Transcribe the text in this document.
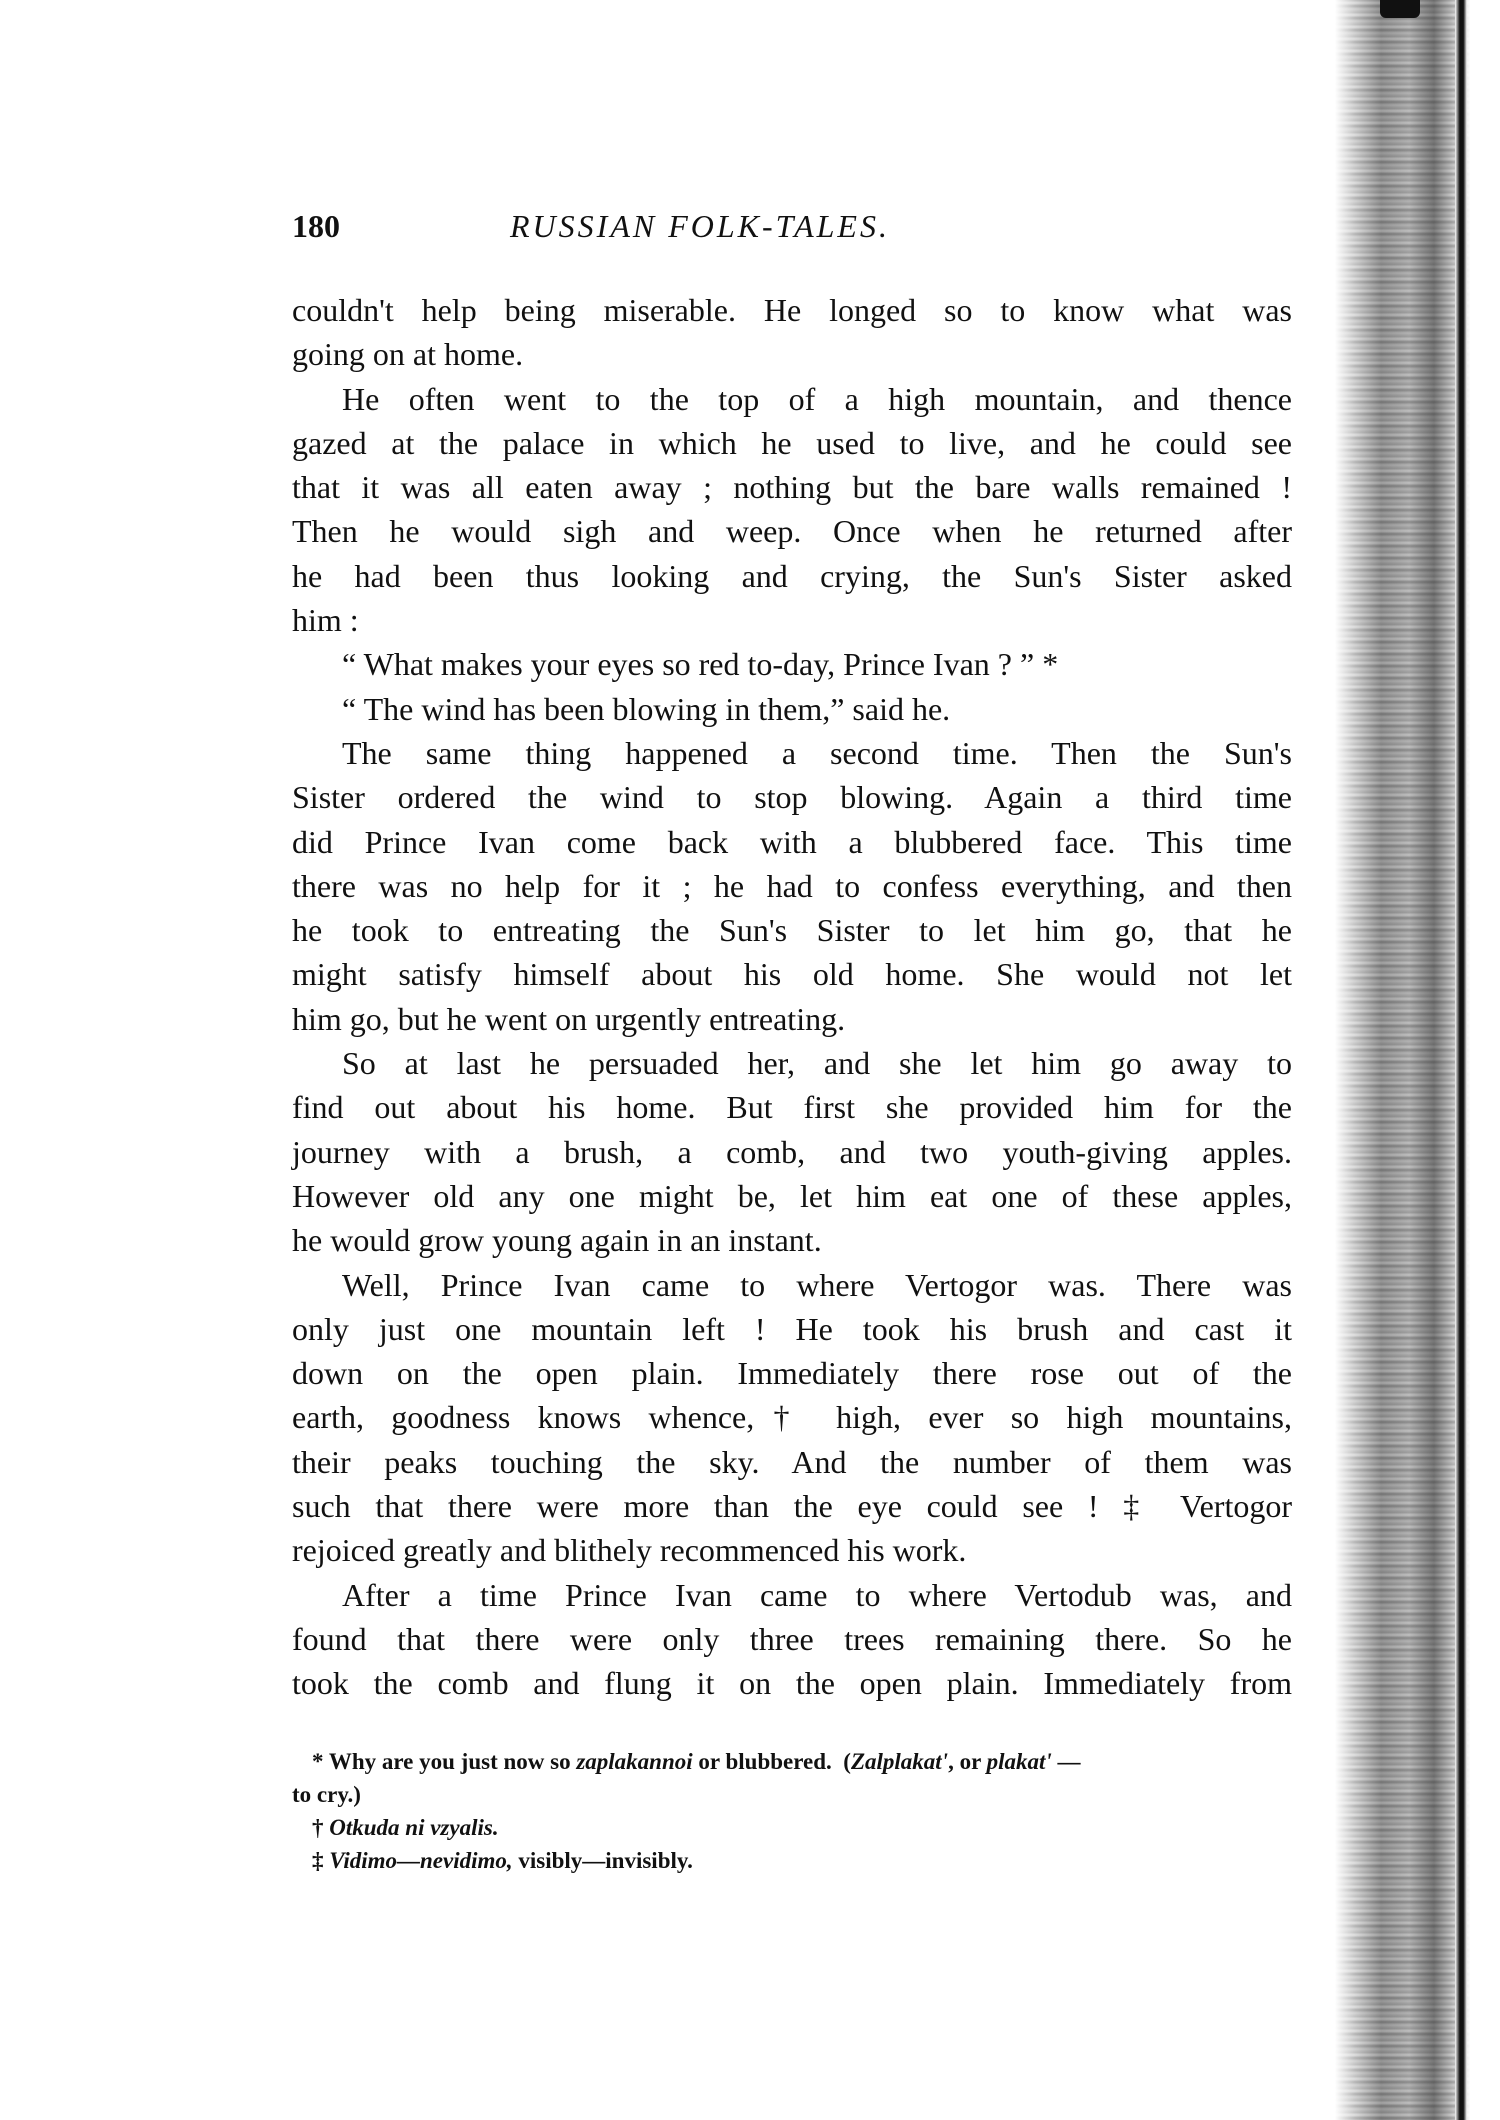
180	RUSSIAN FOLK-TALES.
couldn't help being miserable. He longed so to know what was
going on at home.
He often went to the top of a high mountain, and thence
gazed at the palace in which he used to live, and he could see
that it was all eaten away ; nothing but the bare walls remained !
Then he would sigh and weep. Once when he returned after
he had been thus looking and crying, the Sun's Sister asked
him :
“ What makes your eyes so red to-day, Prince Ivan ? ” *
“ The wind has been blowing in them,” said he.
The same thing happened a second time. Then the Sun's
Sister ordered the wind to stop blowing. Again a third time
did Prince Ivan come back with a blubbered face. This time
there was no help for it ; he had to confess everything, and then
he took to entreating the Sun's Sister to let him go, that he
might satisfy himself about his old home. She would not let
him go, but he went on urgently entreating.
So at last he persuaded her, and she let him go away to
find out about his home. But first she provided him for the
journey with a brush, a comb, and two youth-giving apples.
However old any one might be, let him eat one of these apples,
he would grow young again in an instant.
Well, Prince Ivan came to where Vertogor was. There was
only just one mountain left ! He took his brush and cast it
down on the open plain. Immediately there rose out of the
earth, goodness knows whence,† high, ever so high mountains,
their peaks touching the sky. And the number of them was
such that there were more than the eye could see ! ‡ Vertogor
rejoiced greatly and blithely recommenced his work.
After a time Prince Ivan came to where Vertodub was, and
found that there were only three trees remaining there. So he
took the comb and flung it on the open plain. Immediately from
* Why are you just now so zaplakannoi or blubbered. (Zalplakat', or plakat' —
to cry.)
† Otkuda ni vzyalis.
‡ Vidimo—nevidimo, visibly—invisibly.
